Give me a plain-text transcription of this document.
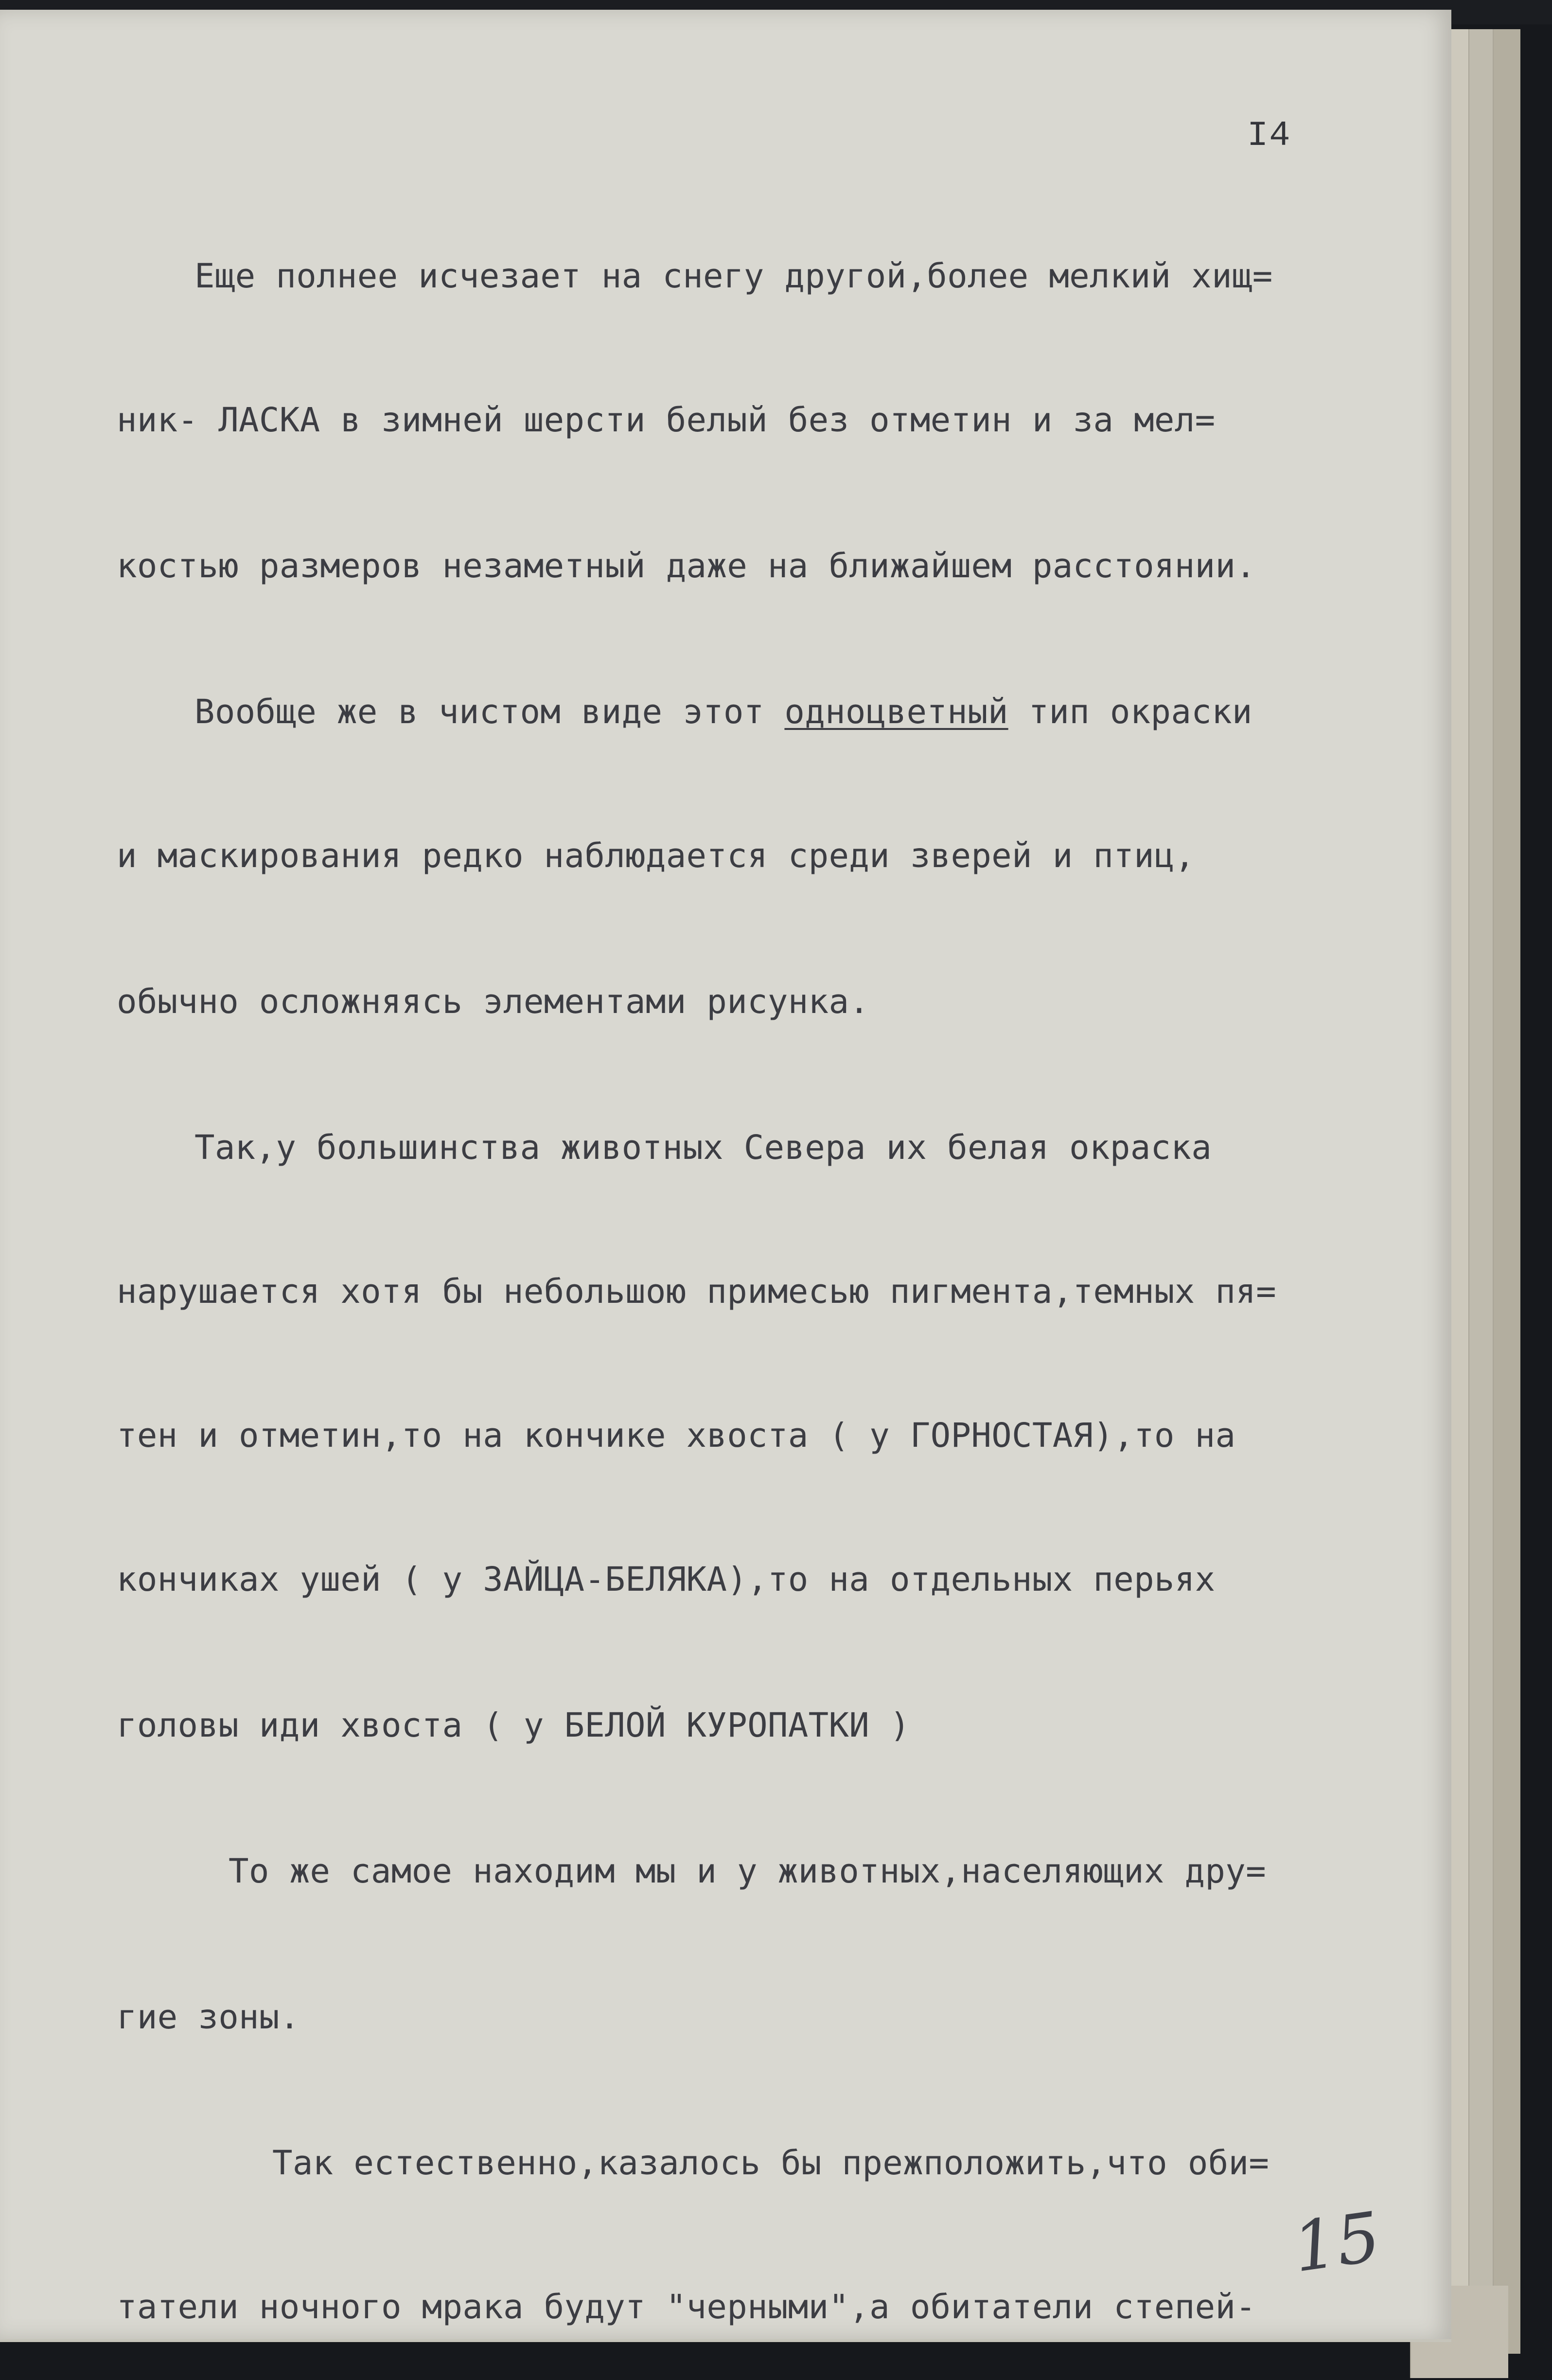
I4

Еще полнее исчезает на снегу другой,более мелкий хищ=

ник- ЛАСКА в зимней шерсти белый без отметин и за мел=

костью размеров незаметный даже на ближайшем расстоянии.

Вообще же в чистом виде этот одноцветный тип окраски

и маскирования редко наблюдается среди зверей и птиц,

обычно осложняясь элементами рисунка.

Так,у большинства животных Севера их белая окраска

нарушается хотя бы небольшою примесью пигмента,темных пя=

тен и отметин,то на кончике хвоста ( у ГОРНОСТАЯ),то на

кончиках ушей ( у ЗАЙЦА-БЕЛЯКА),то на отдельных перьях

головы иди хвоста ( у БЕЛОЙ КУРОПАТКИ )

То же самое находим мы и у животных,населяющих дру=

гие зоны.

Так естественно,казалось бы прежположить,что оби=

татели ночного мрака будут "черными",а обитатели степей-

15
